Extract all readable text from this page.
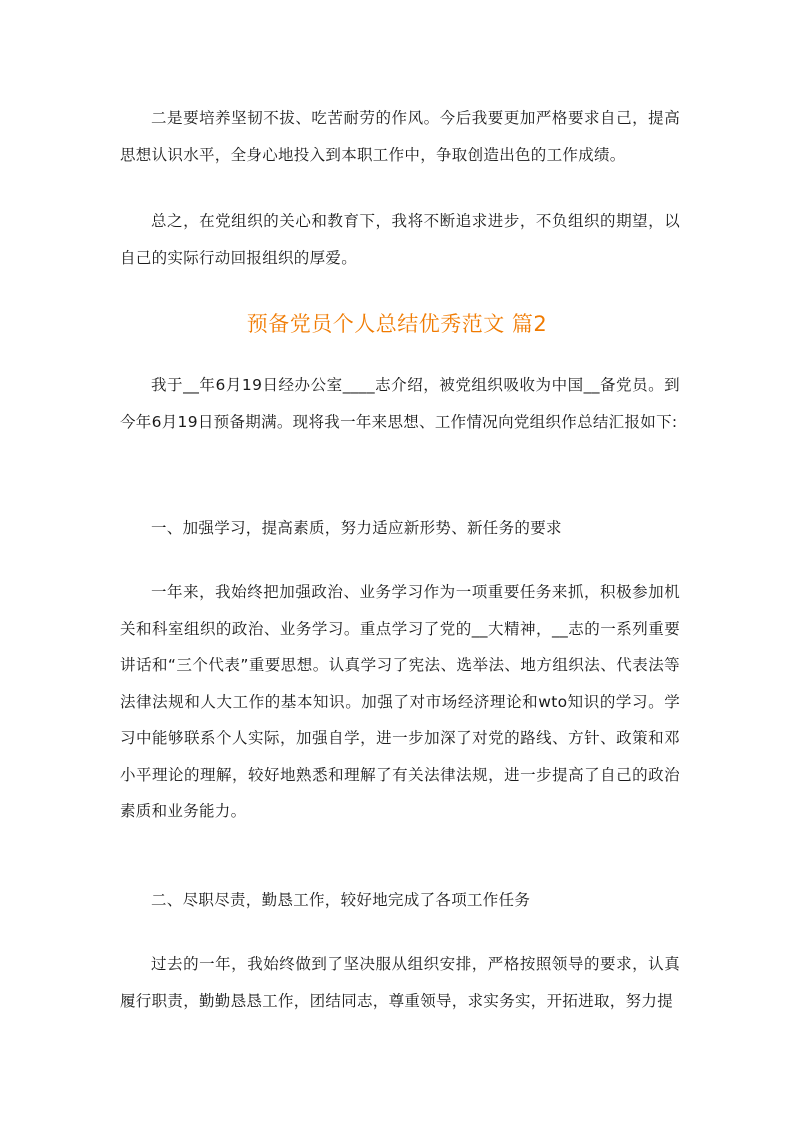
二是要培养坚韧不拔、吃苦耐劳的作风。今后我要更加严格要求自己，提高思想认识水平，全身心地投入到本职工作中，争取创造出色的工作成绩。

总之，在党组织的关心和教育下，我将不断追求进步，不负组织的期望，以自己的实际行动回报组织的厚爱。

预备党员个人总结优秀范文 篇2

我于__年6月19日经办公室____志介绍，被党组织吸收为中国__备党员。到今年6月19日预备期满。现将我一年来思想、工作情况向党组织作总结汇报如下:

一、加强学习，提高素质，努力适应新形势、新任务的要求

一年来，我始终把加强政治、业务学习作为一项重要任务来抓，积极参加机关和科室组织的政治、业务学习。重点学习了党的__大精神，__志的一系列重要讲话和“三个代表”重要思想。认真学习了宪法、选举法、地方组织法、代表法等法律法规和人大工作的基本知识。加强了对市场经济理论和wto知识的学习。学习中能够联系个人实际，加强自学，进一步加深了对党的路线、方针、政策和邓小平理论的理解，较好地熟悉和理解了有关法律法规，进一步提高了自己的政治素质和业务能力。

二、尽职尽责，勤恳工作，较好地完成了各项工作任务

过去的一年，我始终做到了坚决服从组织安排，严格按照领导的要求，认真履行职责，勤勤恳恳工作，团结同志，尊重领导，求实务实，开拓进取，努力提
